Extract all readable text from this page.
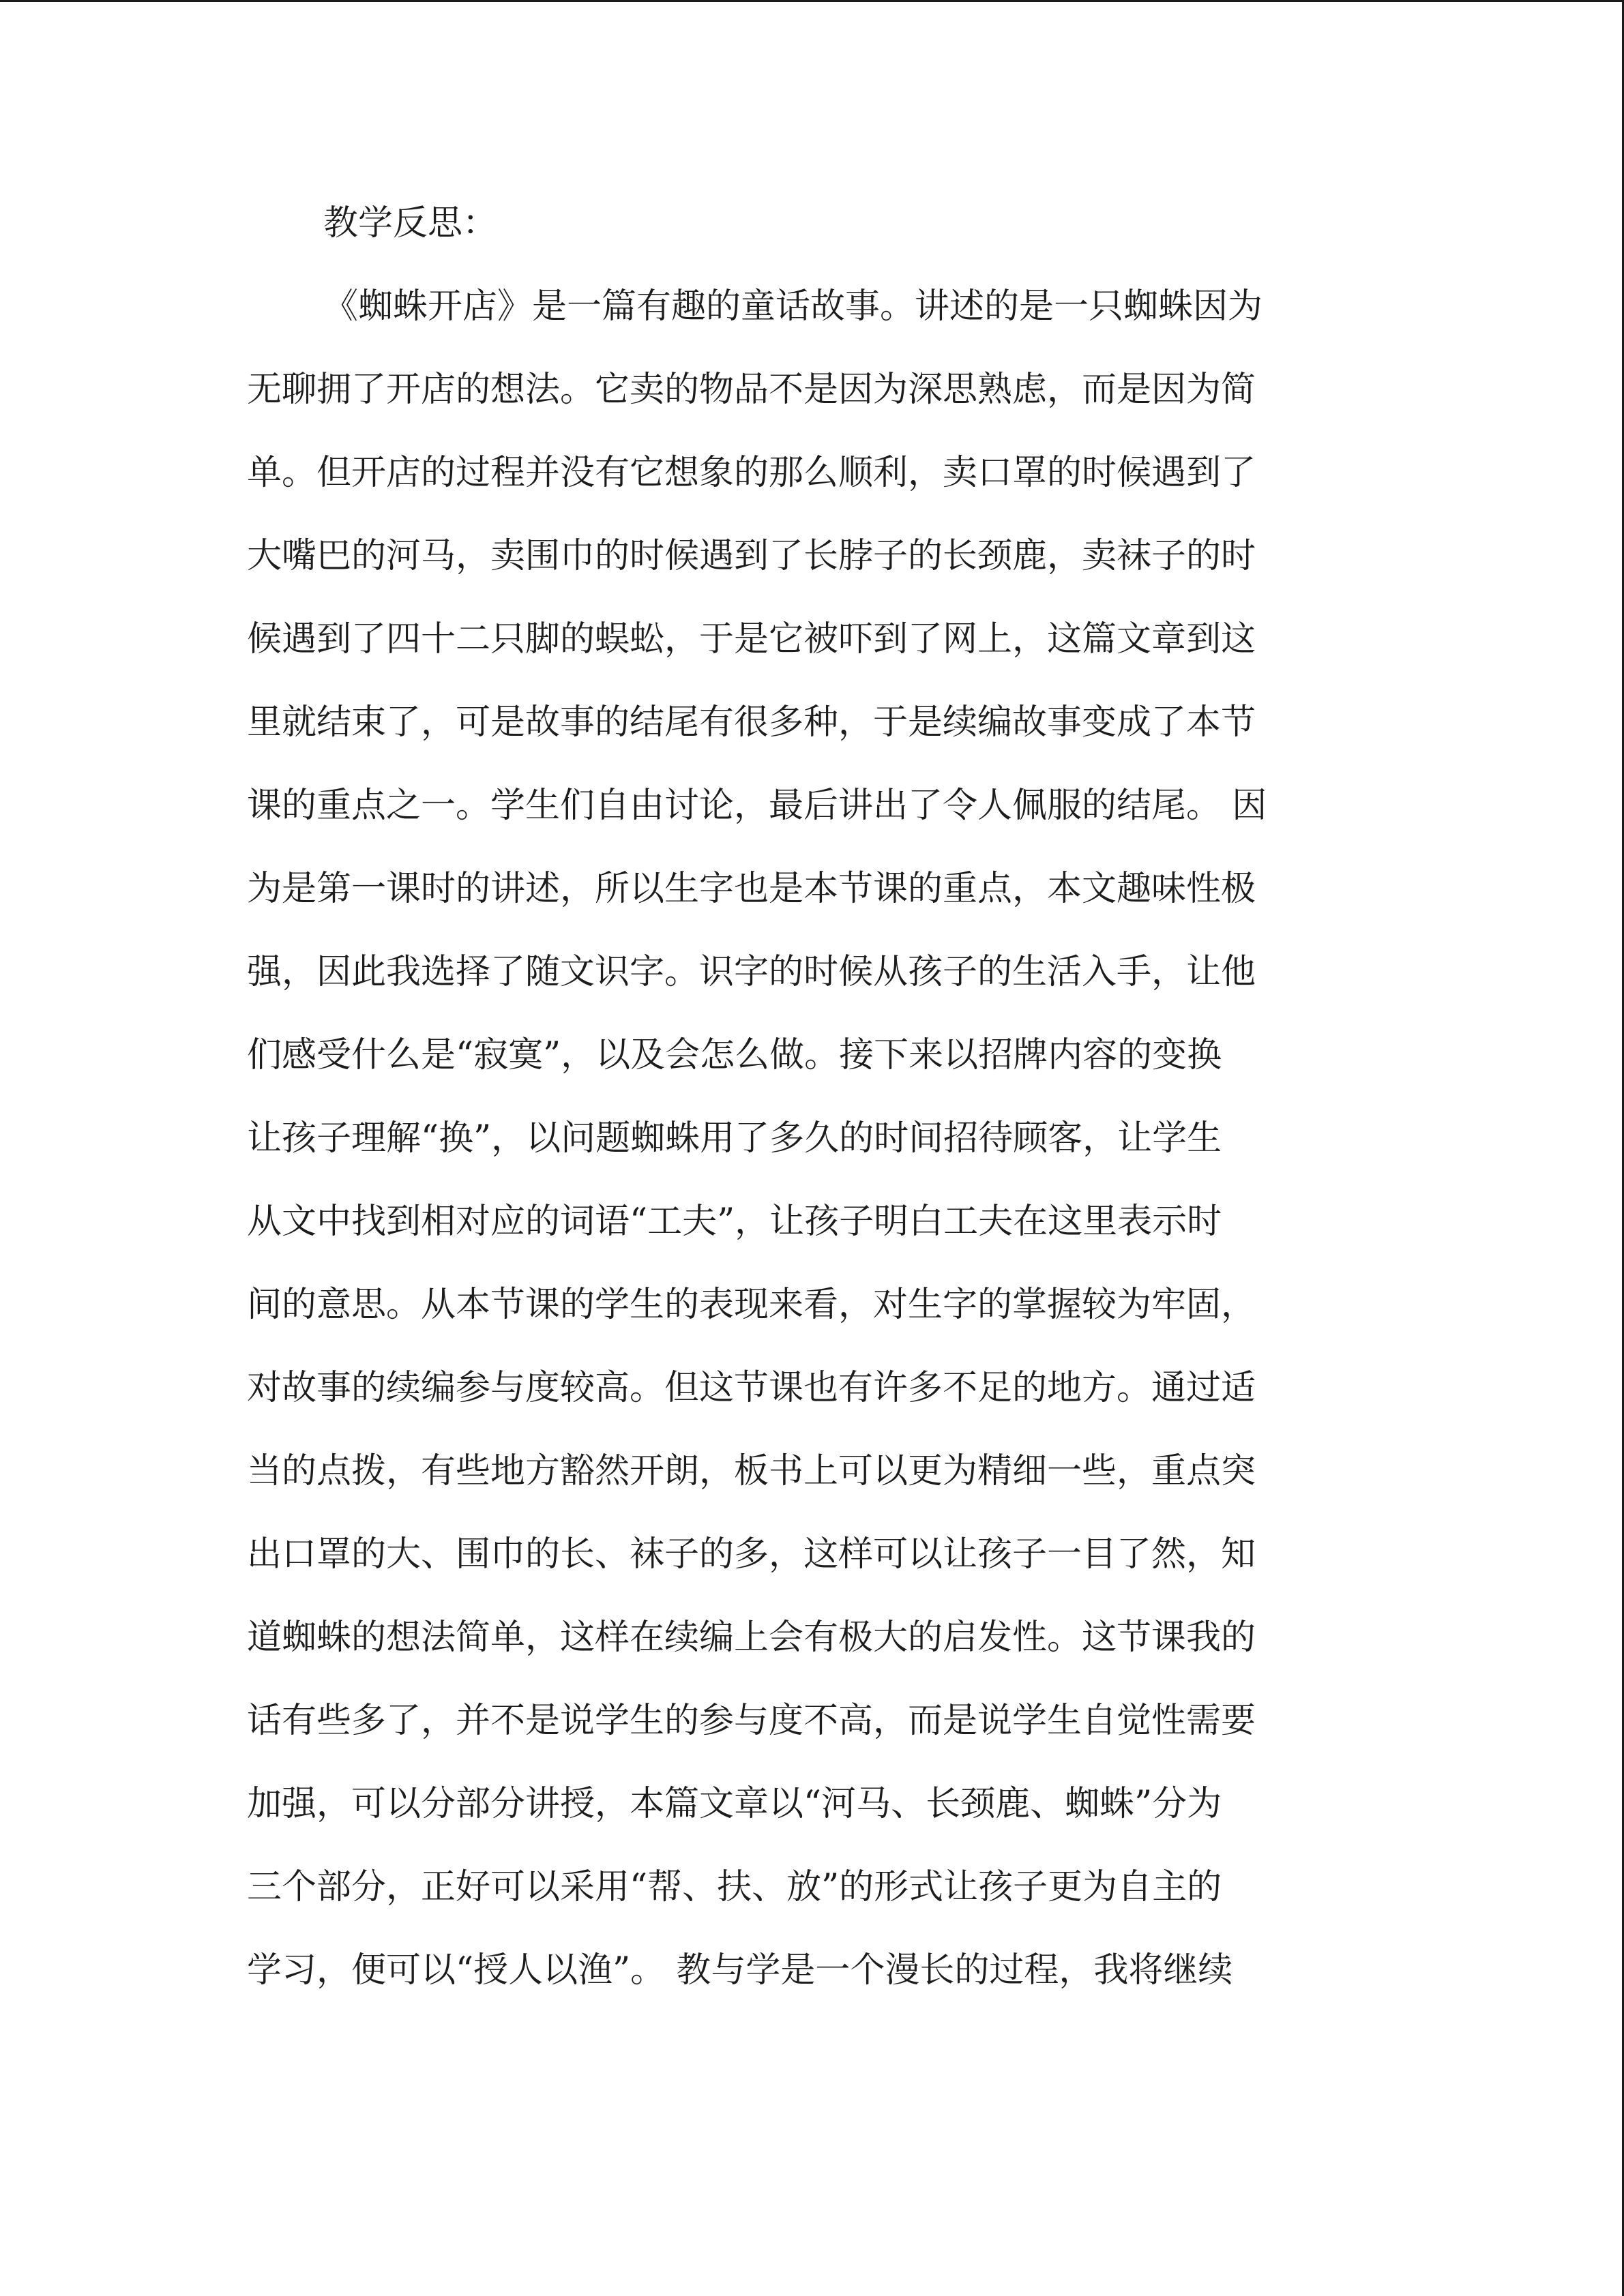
教学反思：
《蜘蛛开店》是一篇有趣的童话故事。讲述的是一只蜘蛛因为
无聊拥了开店的想法。它卖的物品不是因为深思熟虑，而是因为简
单。但开店的过程并没有它想象的那么顺利，卖口罩的时候遇到了
大嘴巴的河马，卖围巾的时候遇到了长脖子的长颈鹿，卖袜子的时
候遇到了四十二只脚的蜈蚣，于是它被吓到了网上，这篇文章到这
里就结束了，可是故事的结尾有很多种，于是续编故事变成了本节
课的重点之一。学生们自由讨论，最后讲出了令人佩服的结尾。 因
为是第一课时的讲述，所以生字也是本节课的重点，本文趣味性极
强，因此我选择了随文识字。识字的时候从孩子的生活入手，让他
们感受什么是“寂寞”，以及会怎么做。接下来以招牌内容的变换
让孩子理解“换”，以问题蜘蛛用了多久的时间招待顾客，让学生
从文中找到相对应的词语“工夫”，让孩子明白工夫在这里表示时
间的意思。从本节课的学生的表现来看，对生字的掌握较为牢固，
对故事的续编参与度较高。但这节课也有许多不足的地方。通过适
当的点拨，有些地方豁然开朗，板书上可以更为精细一些，重点突
出口罩的大、围巾的长、袜子的多，这样可以让孩子一目了然，知
道蜘蛛的想法简单，这样在续编上会有极大的启发性。这节课我的
话有些多了，并不是说学生的参与度不高，而是说学生自觉性需要
加强，可以分部分讲授，本篇文章以“河马、长颈鹿、蜘蛛”分为
三个部分，正好可以采用“帮、扶、放”的形式让孩子更为自主的
学习，便可以“授人以渔”。 教与学是一个漫长的过程，我将继续
